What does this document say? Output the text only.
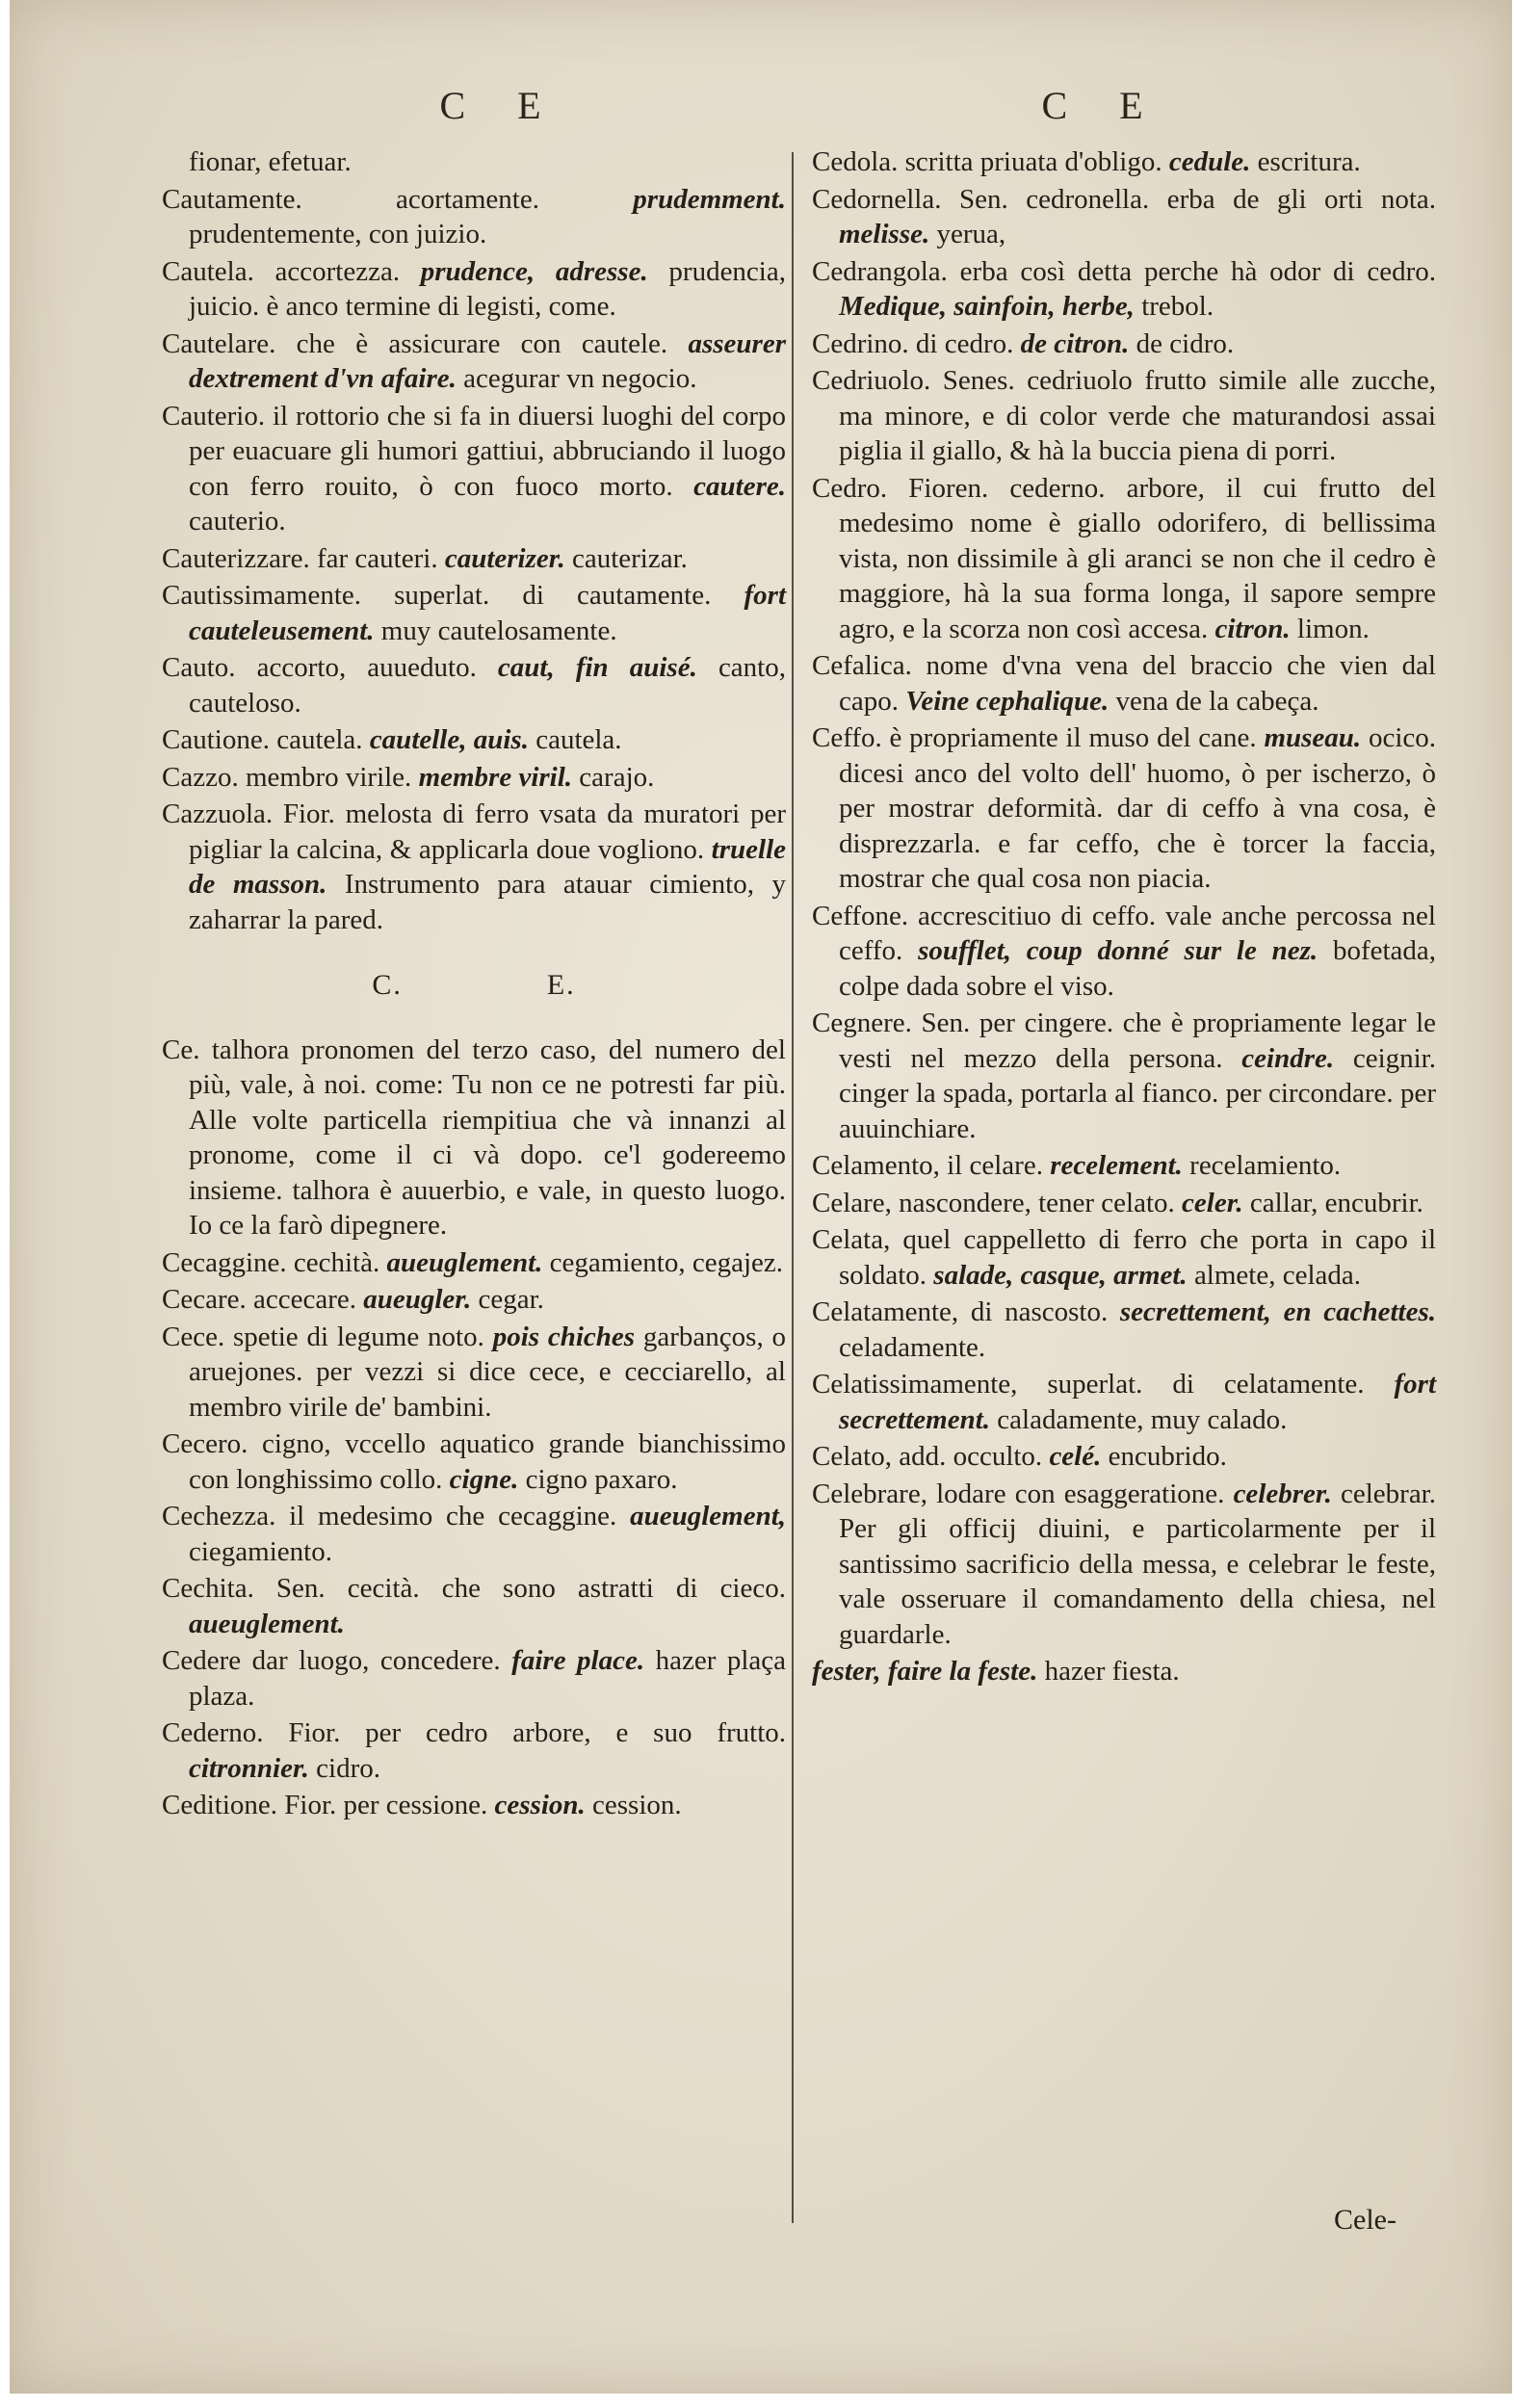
C E	C E

fionar, efetuar.

Cautamente. acortamente.	prudemment. prudentemente, con juizio.

Cautela. accortezza. prudence, adresse. prudencia, juicio. è anco termine di legisti, come.

Cautelare. che è assicurare con cautele. asseurer dextrement d'vn afaire. acegurar vn negocio.

Cauterio. il rottorio che si fa in diuersi luoghi del corpo per euacuare gli humori gattiui, abbruciando il luogo con ferro rouito, ò con fuoco morto. cautere. cauterio.

Cauterizzare. far cauteri. cauterizer. cauterizar.

Cautissimamente. superlat. di cautamente. fort cauteleusement. muy cautelosamente.

Cauto. accorto, auueduto. caut, fin auisé. canto, cautelosо.

Cautione. cautela. cautelle, auis. cautela.

Cazzo. membro virile. membre viril. carajo.

Cazzuola. Fior. melosta di ferro vsata da muratori per pigliar la calcina, & applicarla doue vogliono. truelle de masson. Instrumento para atauar cimiento, y zaharrar la pared.

C.	E.

Ce. talhora pronomen del terzo caso, del numero del più, vale, à noi. come: Tu non ce ne potresti far più. Alle volte particella riempitiua che và innanzi al pronome, come il ci và dopo. ce'l godereemo insieme. talhora è auuerbio, e vale, in questo luogo. Io ce la farò dipegnere.

Cecaggine. cechità. aueuglement. cegamiento, cegajez.

Cecare. accecare. aueugler. cegar.

Cece. spetie di legume noto. pois chiches garbanços, o aruejones. per vezzi si dice cece, e cecciarello, al membro virile de' bambini.

Cecero. cigno, vccello aquatico grande bianchissimo con longhissimo collo. cigne. cigno paxaro.

Cechezza. il medesimo che cecaggine. aueuglement, ciegamiento.

Cechita. Sen. cecità. che sono astratti di cieco. aueuglement.

Cedere dar luogo, concedere. faire place. hazer plaça plaza.

Cederno. Fior. per cedro arbore, e suo frutto. citronnier. cidro.

Ceditione. Fior. per cessione. cession. cession.

Cedola. scritta priuata d'obligo. cedule. escritura.

Cedornella. Sen. cedronella. erba de gli orti nota. melisse. yerua,

Cedrangola. erba così detta perche hà odor di cedro. Medique, sainfoin, herbe, trebol.

Cedrino. di cedro. de citron. de cidro.

Cedriuolo. Senes. cedriuolo frutto simile alle zucche, ma minore, e di color verde che maturandosi assai piglia il giallo, & hà la buccia piena di porri.

Cedro. Fioren. cederno. arbore, il cui frutto del medesimo nome è giallo odorifero, di bellissima vista, non dissimile à gli aranci se non che il cedro è maggiore, hà la sua forma longa, il sapore sempre agro, e la scorza non così accesa. citron. limon.

Cefalica. nome d'vna vena del braccio che vien dal capo. Veine cephalique. vena de la cabeça.

Ceffo. è propriamente il muso del cane. museau. ocico. dicesi anco del volto dell' huomo, ò per ischerzo, ò per mostrar deformità. dar di ceffo à vna cosa, è disprezzarla. e far ceffo, che è torcer la faccia, mostrar che qual cosa non piacia.

Ceffone. accrescitiuo di ceffo. vale anche percossa nel ceffo. soufflet, coup donné sur le nez. bofetada, colpe dada sobre el viso.

Cegnere. Sen. per cingere. che è propriamente legar le vesti nel mezzo della persona. ceindre. ceignir. cinger la spada, portarla al fianco. per circondare. per auuinchiare.

Celamento, il celare. recelement. recelamiento.

Celare, nascondere, tener celato. celer. callar, encubrir.

Celata, quel cappelletto di ferro che porta in capo il soldato. salade, casque, armet. almete, celada.

Celatamente, di nascosto. secrettement, en cachettes. celadamente.

Celatissimamente, superlat. di celatamente. fort secrettement. caladamente, muy calado.

Celato, add. occulto. celé. encubrido.

Celebrare, lodare con esaggeratione. celebrer. celebrar. Per gli officij diuini, e particolarmente per il santissimo sacrificio della messa, e celebrar le feste, vale osseruare il comandamento della chiesa, nel guardarle.

fester, faire la feste. hazer fiesta.

Cele-
